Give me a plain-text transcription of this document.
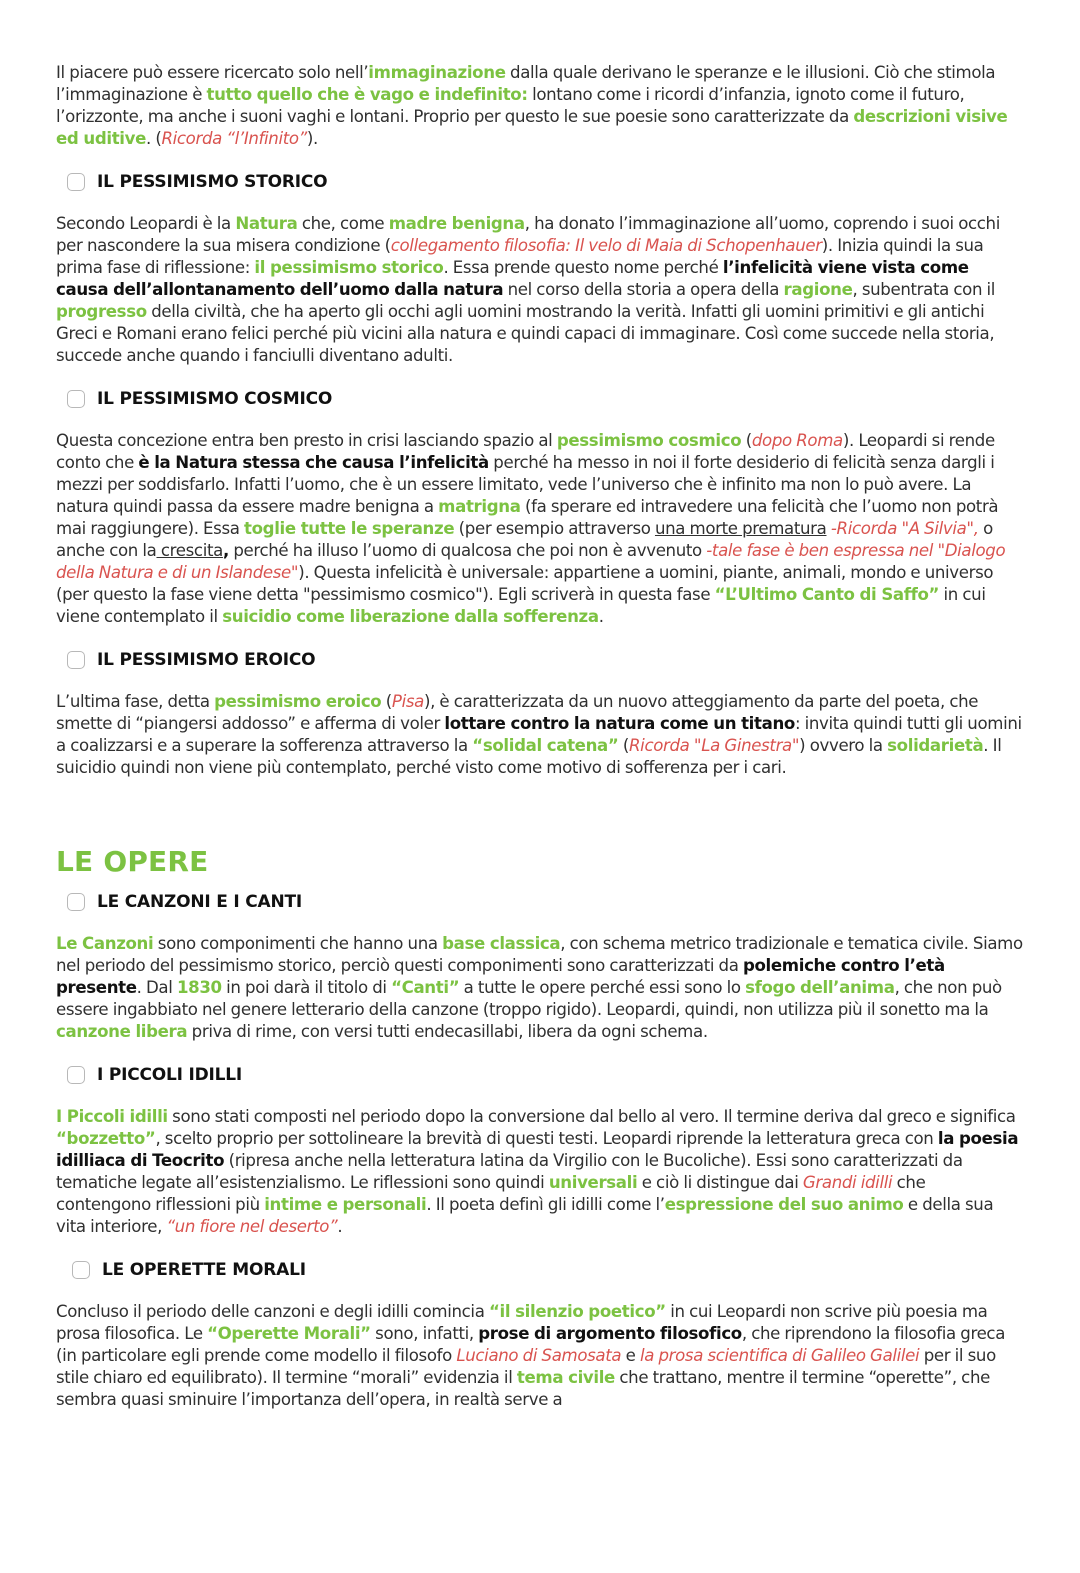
Il piacere può essere ricercato solo nell’immaginazione dalla quale derivano le speranze e le illusioni. Ciò che stimola l’immaginazione è tutto quello che è vago e indefinito: lontano come i ricordi d’infanzia, ignoto come il futuro, l’orizzonte, ma anche i suoni vaghi e lontani. Proprio per questo le sue poesie sono caratterizzate da descrizioni visive ed uditive. (Ricorda “l’Infinito”).

IL PESSIMISMO STORICO

Secondo Leopardi è la Natura che, come madre benigna, ha donato l’immaginazione all’uomo, coprendo i suoi occhi per nascondere la sua misera condizione (collegamento filosofia: Il velo di Maia di Schopenhauer). Inizia quindi la sua prima fase di riflessione: il pessimismo storico. Essa prende questo nome perché l’infelicità viene vista come causa dell’allontanamento dell’uomo dalla natura nel corso della storia a opera della ragione, subentrata con il progresso della civiltà, che ha aperto gli occhi agli uomini mostrando la verità. Infatti gli uomini primitivi e gli antichi Greci e Romani erano felici perché più vicini alla natura e quindi capaci di immaginare. Così come succede nella storia, succede anche quando i fanciulli diventano adulti.

IL PESSIMISMO COSMICO

Questa concezione entra ben presto in crisi lasciando spazio al pessimismo cosmico (dopo Roma). Leopardi si rende conto che è la Natura stessa che causa l’infelicità perché ha messo in noi il forte desiderio di felicità senza dargli i mezzi per soddisfarlo. Infatti l’uomo, che è un essere limitato, vede l’universo che è infinito ma non lo può avere. La natura quindi passa da essere madre benigna a matrigna (fa sperare ed intravedere una felicità che l’uomo non potrà mai raggiungere). Essa toglie tutte le speranze (per esempio attraverso una morte prematura -Ricorda "A Silvia", o anche con la crescita, perché ha illuso l’uomo di qualcosa che poi non è avvenuto -tale fase è ben espressa nel "Dialogo della Natura e di un Islandese"). Questa infelicità è universale: appartiene a uomini, piante, animali, mondo e universo (per questo la fase viene detta "pessimismo cosmico"). Egli scriverà in questa fase “L’Ultimo Canto di Saffo” in cui viene contemplato il suicidio come liberazione dalla sofferenza.

IL PESSIMISMO EROICO

L’ultima fase, detta pessimismo eroico (Pisa), è caratterizzata da un nuovo atteggiamento da parte del poeta, che smette di “piangersi addosso” e afferma di voler lottare contro la natura come un titano: invita quindi tutti gli uomini a coalizzarsi e a superare la sofferenza attraverso la “solidal catena” (Ricorda "La Ginestra") ovvero la solidarietà. Il suicidio quindi non viene più contemplato, perché visto come motivo di sofferenza per i cari.

LE OPERE
LE CANZONI E I CANTI

Le Canzoni sono componimenti che hanno una base classica, con schema metrico tradizionale e tematica civile. Siamo nel periodo del pessimismo storico, perciò questi componimenti sono caratterizzati da polemiche contro l’età presente. Dal 1830 in poi darà il titolo di “Canti” a tutte le opere perché essi sono lo sfogo dell’anima, che non può essere ingabbiato nel genere letterario della canzone (troppo rigido). Leopardi, quindi, non utilizza più il sonetto ma la canzone libera priva di rime, con versi tutti endecasillabi, libera da ogni schema.

I PICCOLI IDILLI

I Piccoli idilli sono stati composti nel periodo dopo la conversione dal bello al vero. Il termine deriva dal greco e significa “bozzetto”, scelto proprio per sottolineare la brevità di questi testi. Leopardi riprende la letteratura greca con la poesia idilliaca di Teocrito (ripresa anche nella letteratura latina da Virgilio con le Bucoliche). Essi sono caratterizzati da tematiche legate all’esistenzialismo. Le riflessioni sono quindi universali e ciò li distingue dai Grandi idilli che contengono riflessioni più intime e personali. Il poeta definì gli idilli come l’espressione del suo animo e della sua vita interiore, “un fiore nel deserto”.

LE OPERETTE MORALI

Concluso il periodo delle canzoni e degli idilli comincia “il silenzio poetico” in cui Leopardi non scrive più poesia ma prosa filosofica. Le “Operette Morali” sono, infatti, prose di argomento filosofico, che riprendono la filosofia greca (in particolare egli prende come modello il filosofo Luciano di Samosata e la prosa scientifica di Galileo Galilei per il suo stile chiaro ed equilibrato). Il termine “morali” evidenzia il tema civile che trattano, mentre il termine “operette”, che sembra quasi sminuire l’importanza dell’opera, in realtà serve a
